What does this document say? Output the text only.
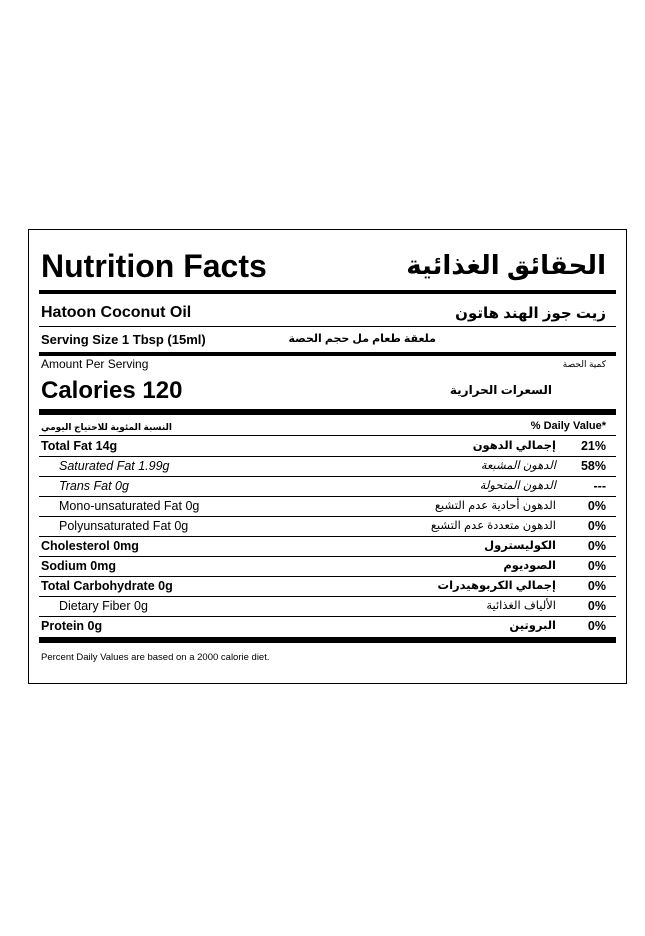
Nutrition Facts	الحقائق الغذائية
Hatoon Coconut Oil	زيت جوز الهند هاتون
Serving Size 1 Tbsp (15ml)	ملعقة طعام مل حجم الحصة
Amount Per Serving	كمية الحصة
Calories 120	السعرات الحرارية
النسبة المئوية للاحتياج اليومي	% Daily Value*
Total Fat 14g	إجمالي الدهون 21%
Saturated Fat 1.99g	الدهون المشبعة 58%
Trans Fat 0g	الدهون المتحولة	---
Mono-unsaturated Fat 0g	الدهون أحادية عدم التشبع	0%
Polyunsaturated Fat 0g	الدهون متعددة عدم التشبع	0%
Cholesterol 0mg	الكوليسترول	0%
Sodium 0mg	الصوديوم	0%
Total Carbohydrate 0g	إجمالي الكربوهيدرات	0%
Dietary Fiber 0g	الألياف الغذائية	0%
Protein 0g	البروتين	0%
Percent Daily Values are based on a 2000 calorie diet.
